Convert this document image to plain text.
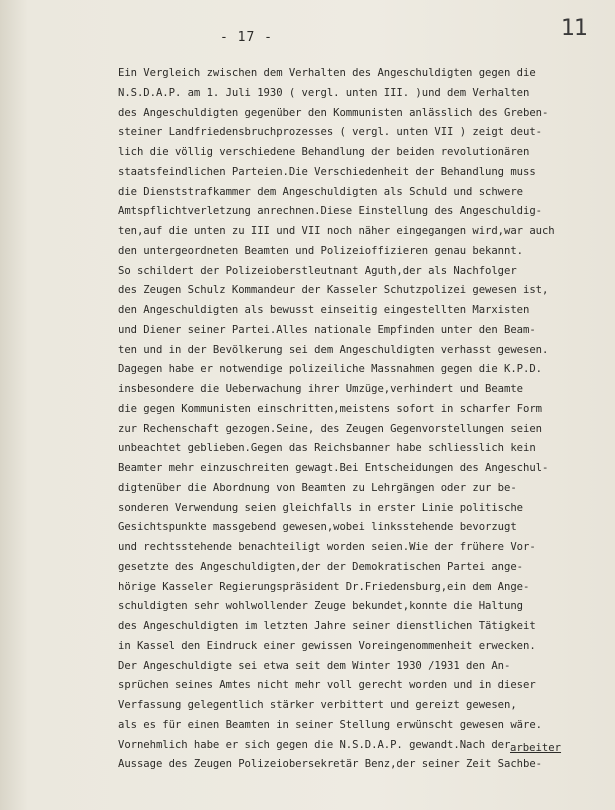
- 17 -	11
Ein Vergleich zwischen dem Verhalten des Angeschuldigten gegen die
N.S.D.A.P. am 1. Juli 1930 ( vergl. unten III. )und dem Verhalten
des Angeschuldigten gegenüber den Kommunisten anlässlich des Greben-
steiner Landfriedensbruchprozesses ( vergl. unten VII ) zeigt deut-
lich die völlig verschiedene Behandlung der beiden revolutionären
staatsfeindlichen Parteien.Die Verschiedenheit der Behandlung muss
die Dienststrafkammer dem Angeschuldigten als Schuld und schwere
Amtspflichtverletzung anrechnen.Diese Einstellung des Angeschuldig-
ten,auf die unten zu III und VII noch näher eingegangen wird,war auch
den untergeordneten Beamten und Polizeioffizieren genau bekannt.
So schildert der Polizeioberstleutnant Aguth,der als Nachfolger
des Zeugen Schulz Kommandeur der Kasseler Schutzpolizei gewesen ist,
den Angeschuldigten als bewusst einseitig eingestellten Marxisten
und Diener seiner Partei.Alles nationale Empfinden unter den Beam-
ten und in der Bevölkerung sei dem Angeschuldigten verhasst gewesen.
Dagegen habe er notwendige polizeiliche Massnahmen gegen die K.P.D.
insbesondere die Ueberwachung ihrer Umzüge,verhindert und Beamte
die gegen Kommunisten einschritten,meistens sofort in scharfer Form
zur Rechenschaft gezogen.Seine, des Zeugen Gegenvorstellungen seien
unbeachtet geblieben.Gegen das Reichsbanner habe schliesslich kein
Beamter mehr einzuschreiten gewagt.Bei Entscheidungen des Angeschul-
digtenüber die Abordnung von Beamten zu Lehrgängen oder zur be-
sonderen Verwendung seien gleichfalls in erster Linie politische
Gesichtspunkte massgebend gewesen,wobei linksstehende bevorzugt
und rechtsstehende benachteiligt worden seien.Wie der frühere Vor-
gesetzte des Angeschuldigten,der der Demokratischen Partei ange-
hörige Kasseler Regierungspräsident Dr.Friedensburg,ein dem Ange-
schuldigten sehr wohlwollender Zeuge bekundet,konnte die Haltung
des Angeschuldigten im letzten Jahre seiner dienstlichen Tätigkeit
in Kassel den Eindruck einer gewissen Voreingenommenheit erwecken.
Der Angeschuldigte sei etwa seit dem Winter 1930 /1931 den An-
sprüchen seines Amtes nicht mehr voll gerecht worden und in dieser
Verfassung gelegentlich stärker verbittert und gereizt gewesen,
als es für einen Beamten in seiner Stellung erwünscht gewesen wäre.
Vornehmlich habe er sich gegen die N.S.D.A.P. gewandt.Nach der
Aussage des Zeugen Polizeiobersekretär Benz,der seiner Zeit Sachbe-
arbeiter
